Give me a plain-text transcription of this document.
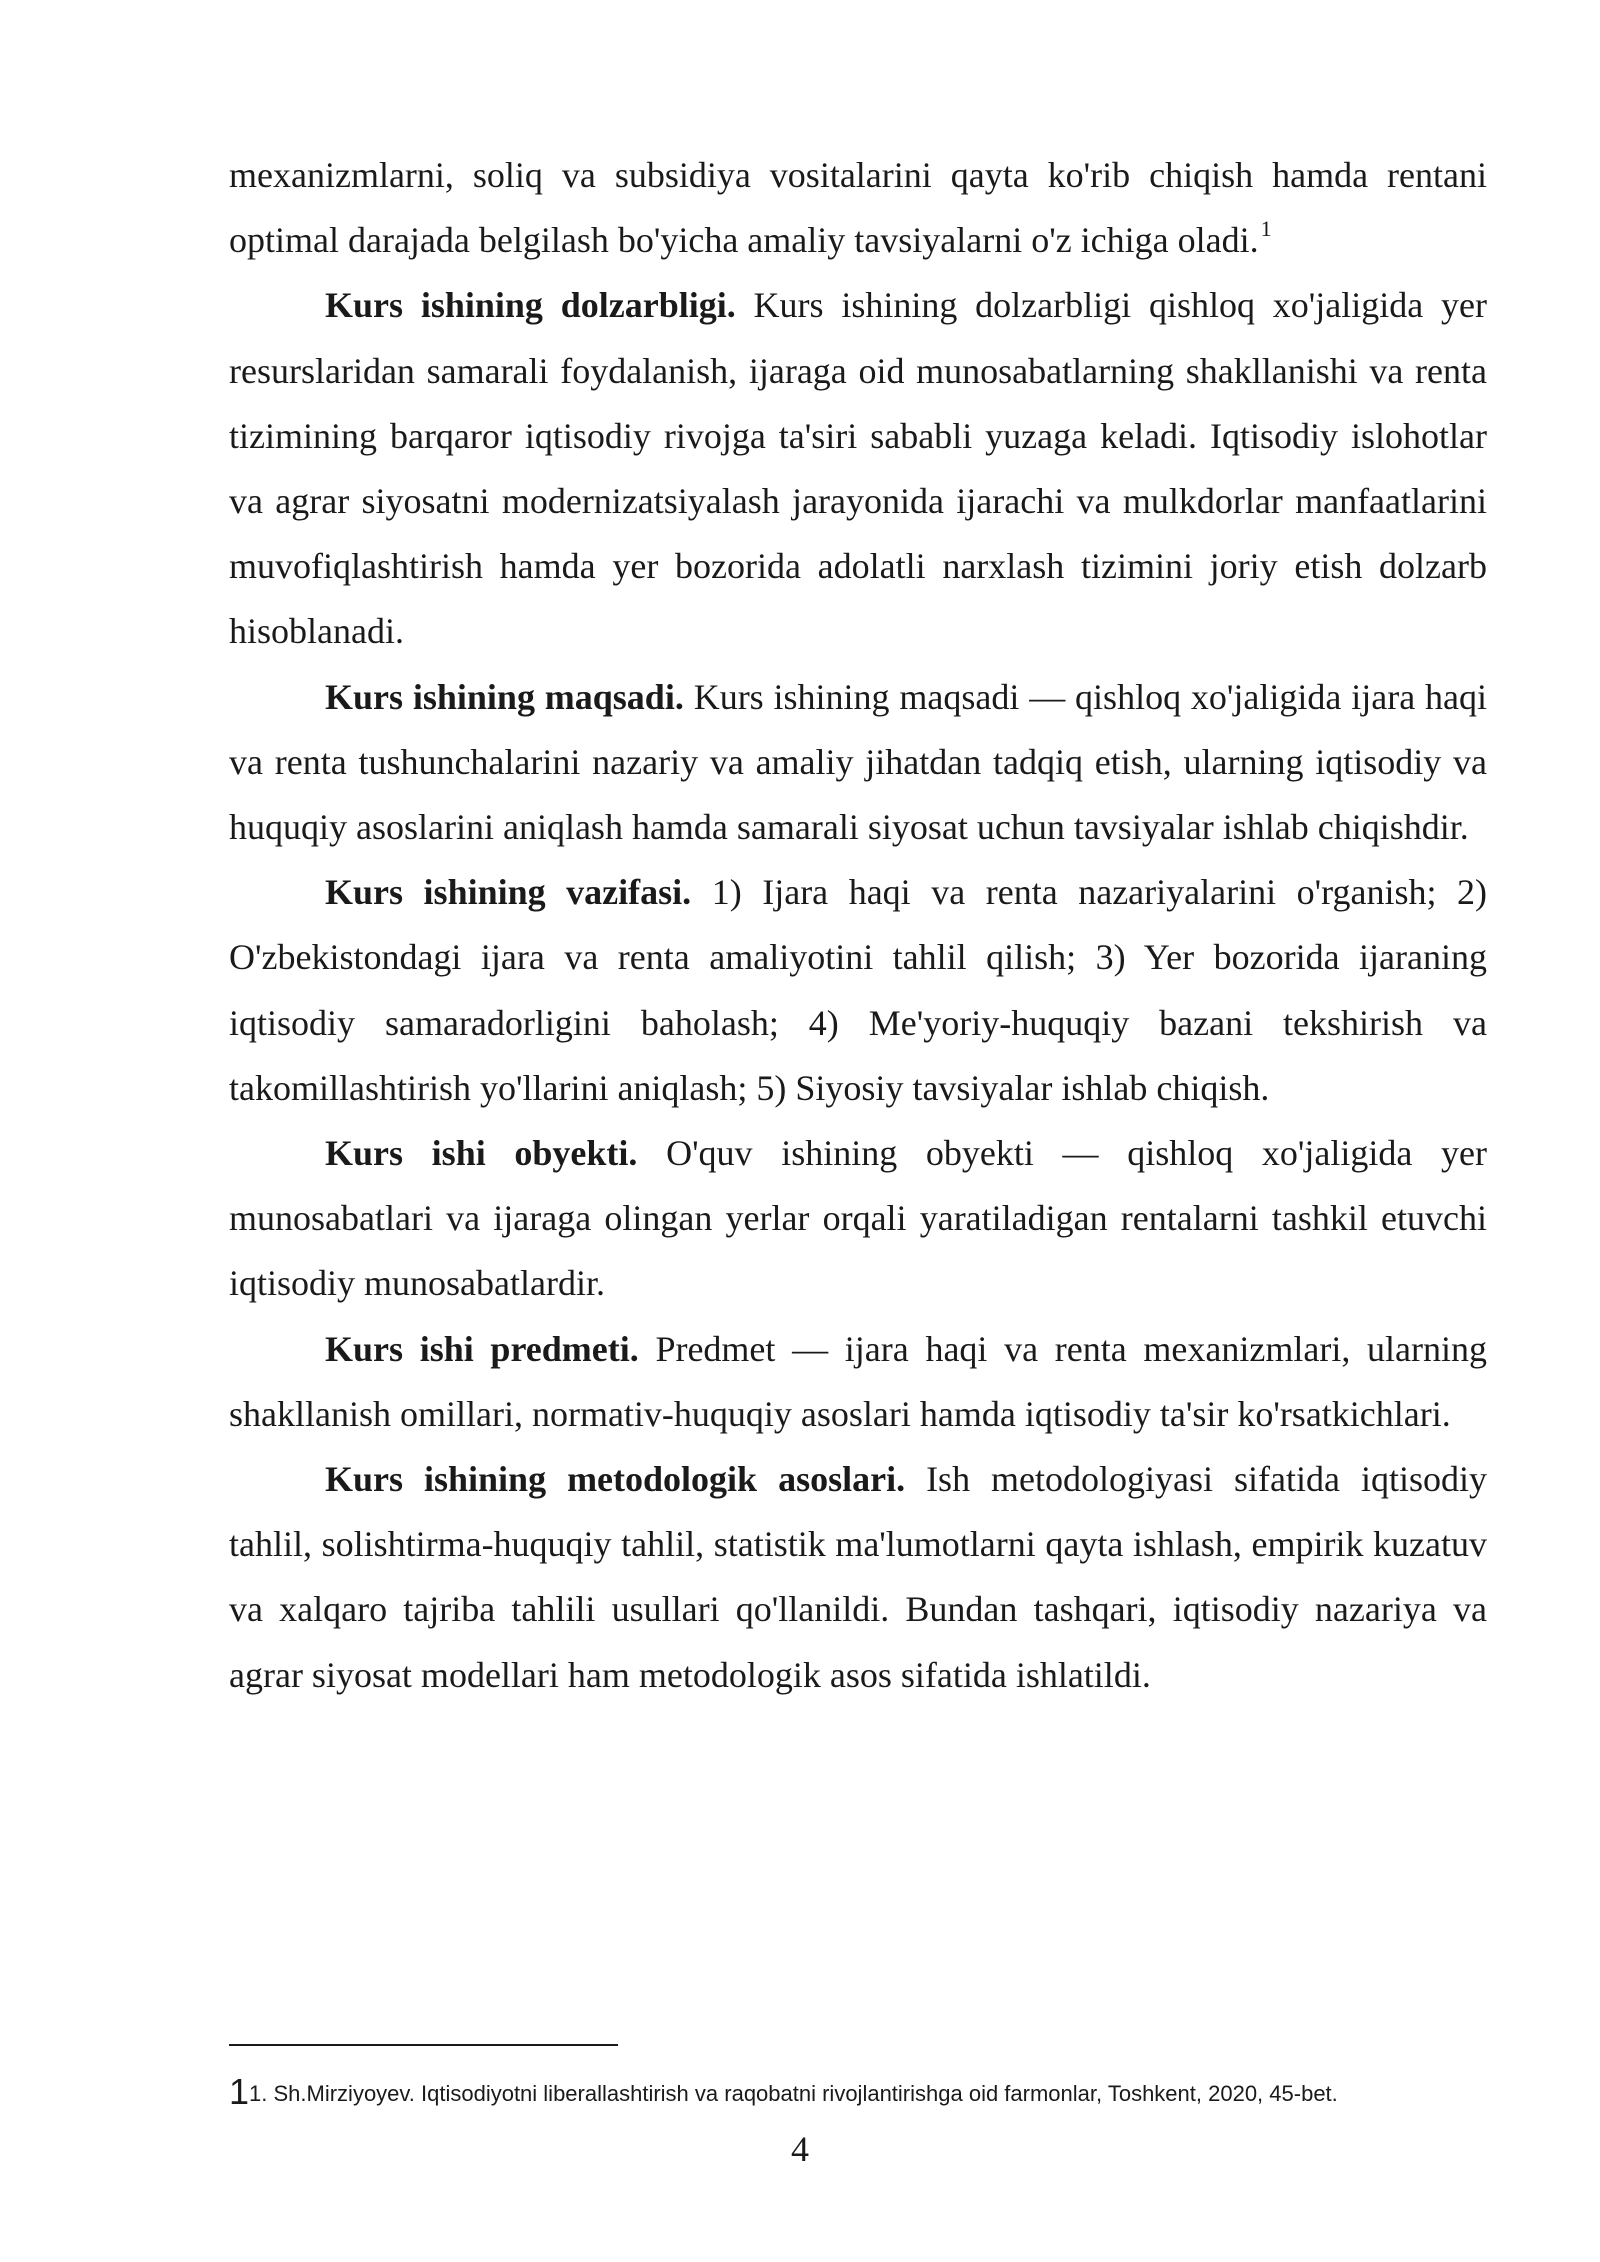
mexanizmlarni, soliq va subsidiya vositalarini qayta ko'rib chiqish hamda rentani optimal darajada belgilash bo'yicha amaliy tavsiyalarni o'z ichiga oladi.$^1$

Kurs ishining dolzarbligi. Kurs ishining dolzarbligi qishloq xo'jaligida yer resurslaridan samarali foydalanish, ijaraga oid munosabatlarning shakllanishi va renta tizimining barqaror iqtisodiy rivojga ta'siri sababli yuzaga keladi. Iqtisodiy islohotlar va agrar siyosatni modernizatsiyalash jarayonida ijarachi va mulkdorlar manfaatlarini muvofiqlashtirish hamda yer bozorida adolatli narxlash tizimini joriy etish dolzarb hisoblanadi.

Kurs ishining maqsadi. Kurs ishining maqsadi — qishloq xo'jaligida ijara haqi va renta tushunchalarini nazariy va amaliy jihatdan tadqiq etish, ularning iqtisodiy va huquqiy asoslarini aniqlash hamda samarali siyosat uchun tavsiyalar ishlab chiqishdir.

Kurs ishining vazifasi. 1) Ijara haqi va renta nazariyalarini o'rganish; 2) O'zbekistondagi ijara va renta amaliyotini tahlil qilish; 3) Yer bozorida ijaraning iqtisodiy samaradorligini baholash; 4) Me'yoriy-huquqiy bazani tekshirish va takomillashtirish yo'llarini aniqlash; 5) Siyosiy tavsiyalar ishlab chiqish.

Kurs ishi obyekti. O'quv ishining obyekti — qishloq xo'jaligida yer munosabatlari va ijaraga olingan yerlar orqali yaratiladigan rentalarni tashkil etuvchi iqtisodiy munosabatlardir.

Kurs ishi predmeti. Predmet — ijara haqi va renta mexanizmlari, ularning shakllanish omillari, normativ-huquqiy asoslari hamda iqtisodiy ta'sir ko'rsatkichlari.

Kurs ishining metodologik asoslari. Ish metodologiyasi sifatida iqtisodiy tahlil, solishtirma-huquqiy tahlil, statistik ma'lumotlarni qayta ishlash, empirik kuzatuv va xalqaro tajriba tahlili usullari qo'llanildi. Bundan tashqari, iqtisodiy nazariya va agrar siyosat modellari ham metodologik asos sifatida ishlatildi.

11. Sh.Mirziyoyev. Iqtisodiyotni liberallashtirish va raqobatni rivojlantirishga oid farmonlar, Toshkent, 2020, 45-bet.
4
